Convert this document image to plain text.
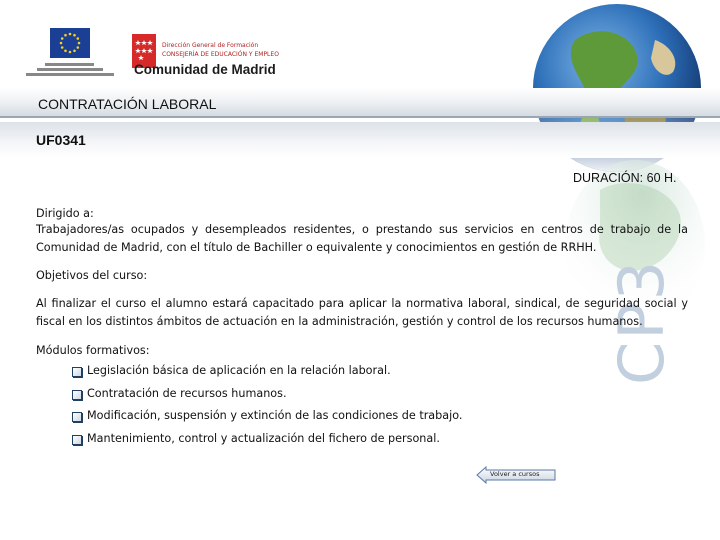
Dirección General de Formación
CONSEJERÍA DE EDUCACIÓN Y EMPLEO
Comunidad de Madrid
CP3
CONTRATACIÓN LABORAL
UF0341
DURACIÓN: 60 H.
Dirigido a:
Trabajadores/as ocupados y desempleados residentes, o prestando sus servicios en centros de trabajo de la Comunidad de Madrid, con el título de Bachiller o equivalente y conocimientos en gestión de RRHH.
Objetivos del curso:
Al finalizar el curso el alumno estará capacitado para aplicar la normativa laboral, sindical, de seguridad social y fiscal en los distintos ámbitos de actuación en la administración, gestión y control de los recursos humanos.
Módulos formativos:
Legislación básica de aplicación en la relación laboral.
Contratación de recursos humanos.
Modificación, suspensión y extinción de las condiciones de trabajo.
Mantenimiento, control y actualización del fichero de personal.
Volver a cursos
